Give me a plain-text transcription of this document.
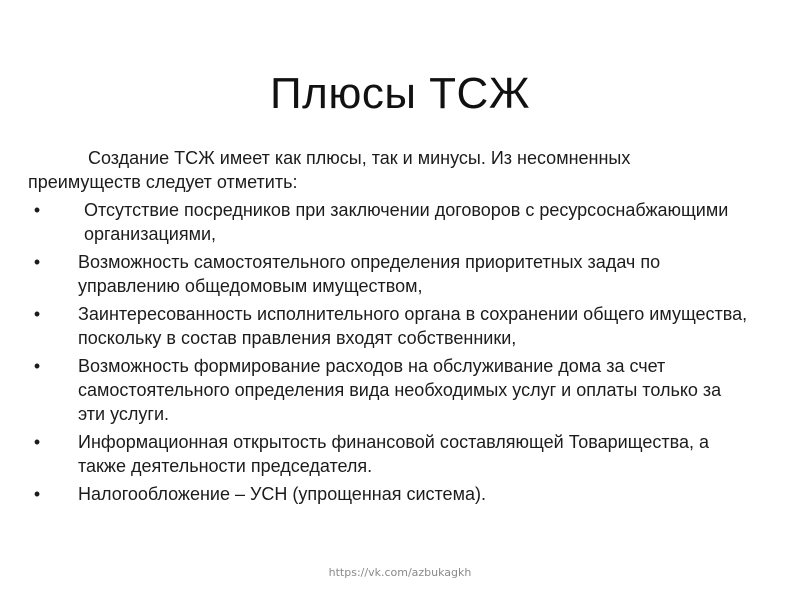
Плюсы ТСЖ

Создание ТСЖ имеет как плюсы, так и минусы. Из несомненных преимуществ следует отметить:

•	Отсутствие посредников при заключении договоров с ресурсоснабжающими организациями,
• Возможность самостоятельного определения приоритетных задач по управлению общедомовым имуществом,
• Заинтересованность исполнительного органа в сохранении общего имущества, поскольку в состав правления входят собственники,
• Возможность формирование расходов на обслуживание дома за счет самостоятельного определения вида необходимых услуг и оплаты только за эти услуги.
• Информационная открытость финансовой составляющей Товарищества, а также деятельности председателя.
• Налогообложение – УСН (упрощенная система).
https://vk.com/azbukagkh
